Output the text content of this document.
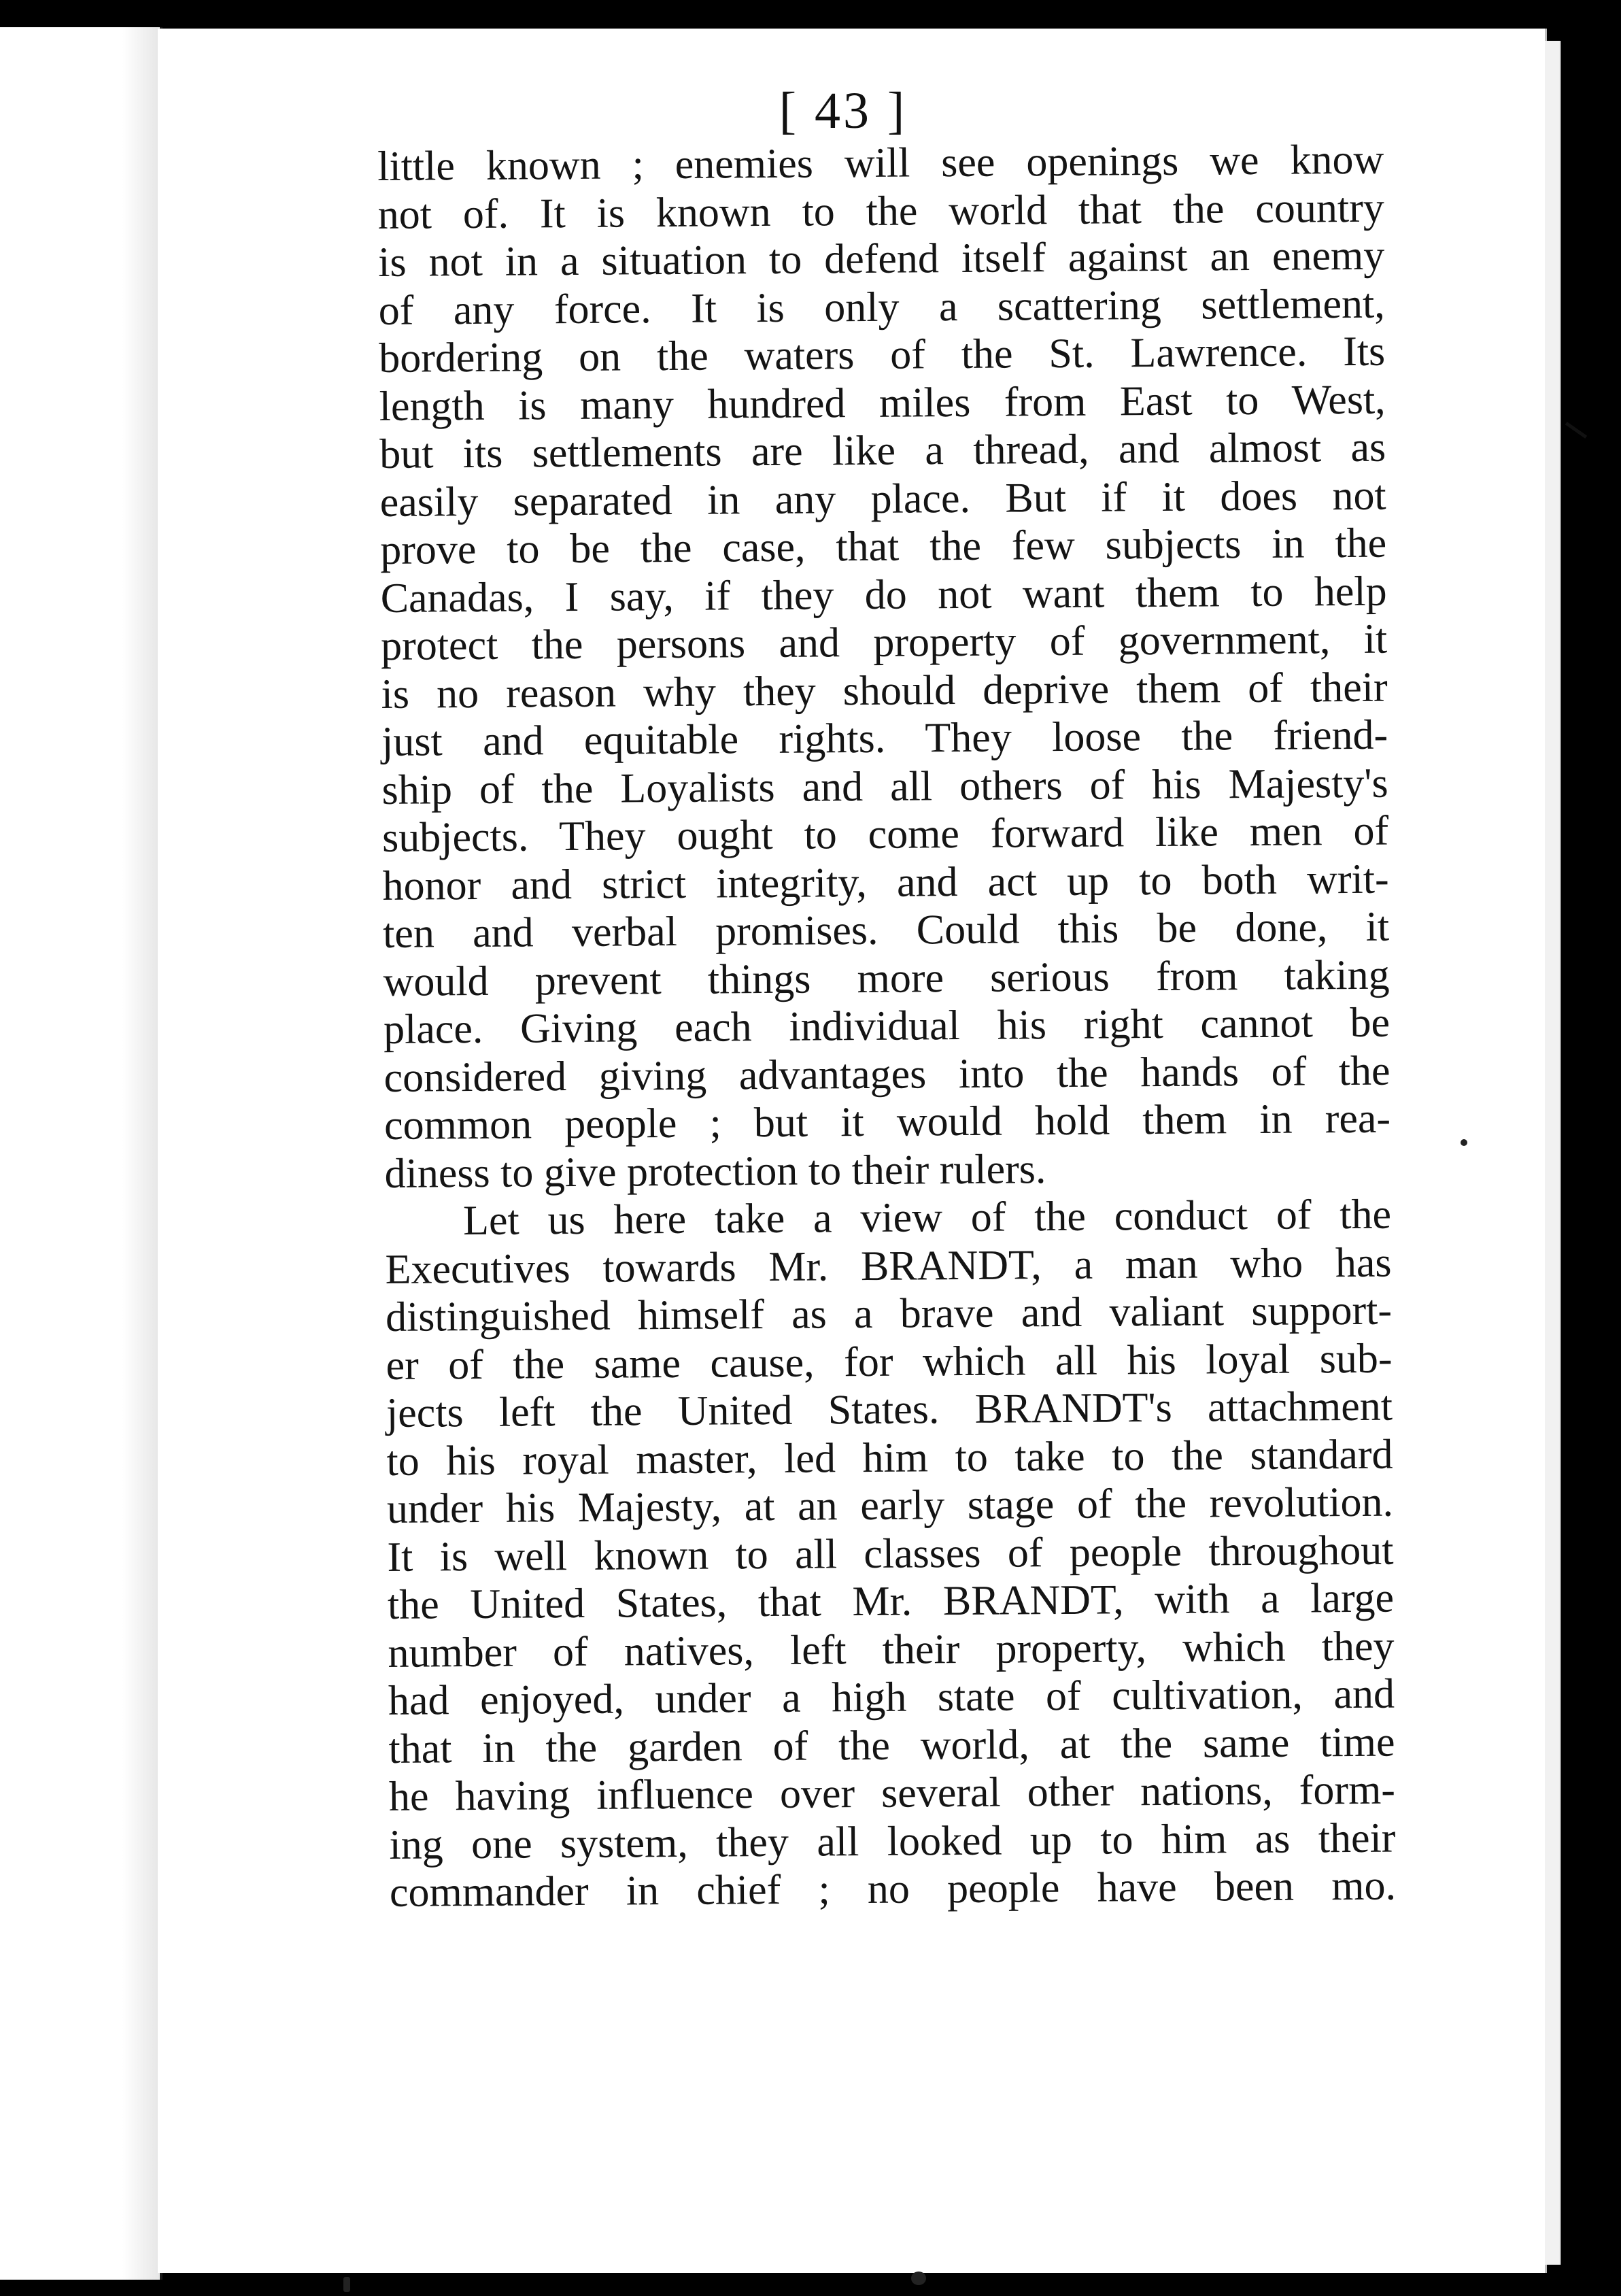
[ 43 ]
little known ; enemies will see openings we know
not of. It is known to the world that the country
is not in a situation to defend itself against an enemy
of any force. It is only a scattering settlement,
bordering on the waters of the St. Lawrence. Its
length is many hundred miles from East to West,
but its settlements are like a thread, and almost as
easily separated in any place. But if it does not
prove to be the case, that the few subjects in the
Canadas, I say, if they do not want them to help
protect the persons and property of government, it
is no reason why they should deprive them of their
just and equitable rights. They loose the friend-
ship of the Loyalists and all others of his Majesty's
subjects. They ought to come forward like men of
honor and strict integrity, and act up to both writ-
ten and verbal promises. Could this be done, it
would prevent things more serious from taking
place. Giving each individual his right cannot be
considered giving advantages into the hands of the
common people ; but it would hold them in rea-
diness to give protection to their rulers.
Let us here take a view of the conduct of the
Executives towards Mr. BRANDT, a man who has
distinguished himself as a brave and valiant support-
er of the same cause, for which all his loyal sub-
jects left the United States. BRANDT's attachment
to his royal master, led him to take to the standard
under his Majesty, at an early stage of the revolution.
It is well known to all classes of people throughout
the United States, that Mr. BRANDT, with a large
number of natives, left their property, which they
had enjoyed, under a high state of cultivation, and
that in the garden of the world, at the same time
he having influence over several other nations, form-
ing one system, they all looked up to him as their
commander in chief ; no people have been mo.
